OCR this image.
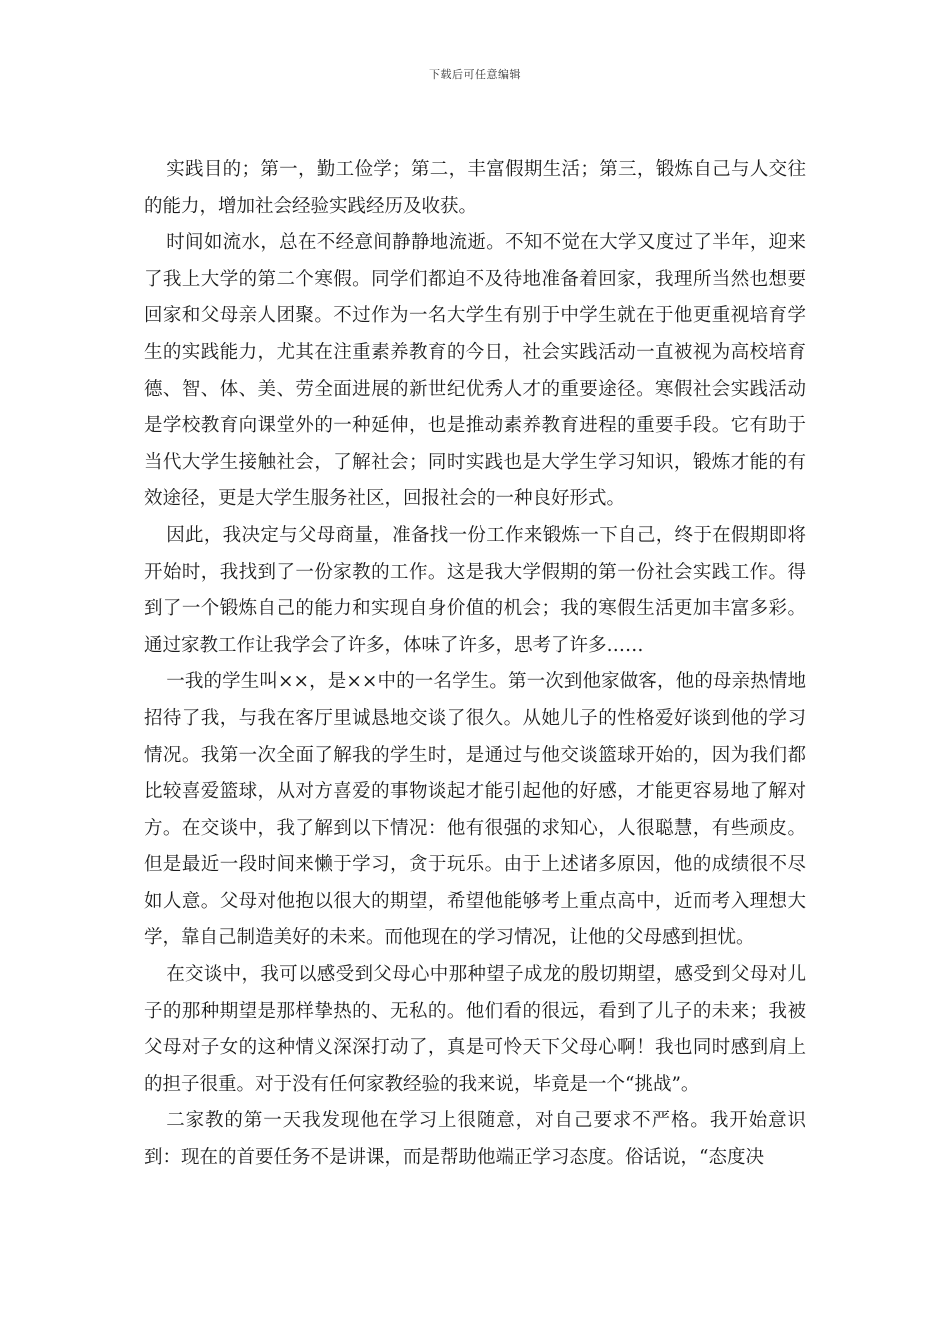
下载后可任意编辑

实践目的；第一，勤工俭学；第二，丰富假期生活；第三，锻炼自己与人交往的能力，增加社会经验实践经历及收获。

时间如流水，总在不经意间静静地流逝。不知不觉在大学又度过了半年，迎来了我上大学的第二个寒假。同学们都迫不及待地准备着回家，我理所当然也想要回家和父母亲人团聚。不过作为一名大学生有别于中学生就在于他更重视培育学生的实践能力，尤其在注重素养教育的今日，社会实践活动一直被视为高校培育德、智、体、美、劳全面进展的新世纪优秀人才的重要途径。寒假社会实践活动是学校教育向课堂外的一种延伸，也是推动素养教育进程的重要手段。它有助于当代大学生接触社会，了解社会；同时实践也是大学生学习知识，锻炼才能的有效途径，更是大学生服务社区，回报社会的一种良好形式。

因此，我决定与父母商量，准备找一份工作来锻炼一下自己，终于在假期即将开始时，我找到了一份家教的工作。这是我大学假期的第一份社会实践工作。得到了一个锻炼自己的能力和实现自身价值的机会；我的寒假生活更加丰富多彩。通过家教工作让我学会了许多，体味了许多，思考了许多……

一我的学生叫××，是××中的一名学生。第一次到他家做客，他的母亲热情地招待了我，与我在客厅里诚恳地交谈了很久。从她儿子的性格爱好谈到他的学习情况。我第一次全面了解我的学生时，是通过与他交谈篮球开始的，因为我们都比较喜爱篮球，从对方喜爱的事物谈起才能引起他的好感，才能更容易地了解对方。在交谈中，我了解到以下情况：他有很强的求知心，人很聪慧，有些顽皮。但是最近一段时间来懒于学习，贪于玩乐。由于上述诸多原因，他的成绩很不尽如人意。父母对他抱以很大的期望，希望他能够考上重点高中，近而考入理想大学，靠自己制造美好的未来。而他现在的学习情况，让他的父母感到担忧。

在交谈中，我可以感受到父母心中那种望子成龙的殷切期望，感受到父母对儿子的那种期望是那样挚热的、无私的。他们看的很远，看到了儿子的未来；我被父母对子女的这种情义深深打动了，真是可怜天下父母心啊！我也同时感到肩上的担子很重。对于没有任何家教经验的我来说，毕竟是一个“挑战”。

二家教的第一天我发现他在学习上很随意，对自己要求不严格。我开始意识到：现在的首要任务不是讲课，而是帮助他端正学习态度。俗话说，“态度决
